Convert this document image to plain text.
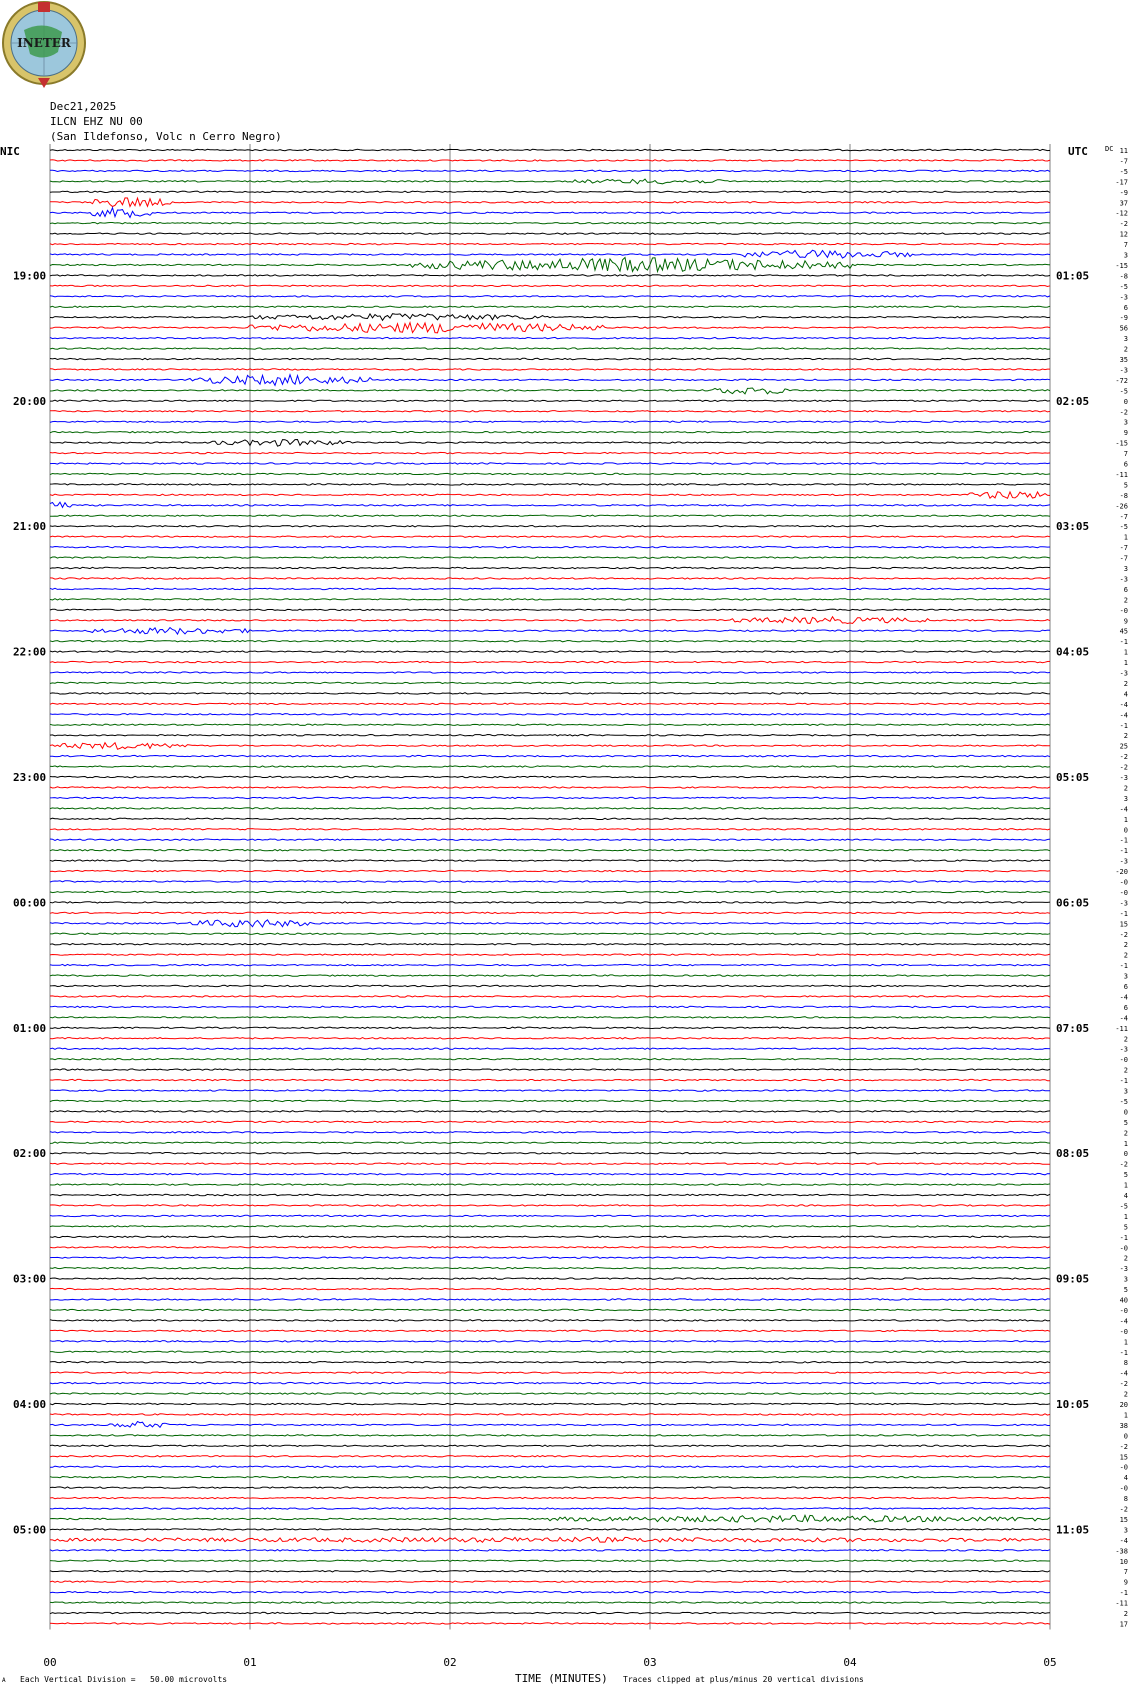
INETER
Dec21,2025
ILCN EHZ NU 00
(San Ildefonso, Volc n Cerro Negro)
NIC	UTC DC
00	01	02	03	04	05
11
-7
-5
-17
-9
37
-12
-2
12
7
3
-15
-8
-5
-3
6
-9
56
3
2
35
-3
-72
-5
0
-2
3
9
-15
7
6
-11
5
-8
-26
-7
-5
1
-7
-7
3
-3
6
2
-0
9
45
-1
1
1
-3
2
4
-4
-4
-1
2
25
-2
-2
-3
2
3
-4
1
0
-1
-1
-3
-20
-0
-0
-3
-1
15
-2
2
2
-1
3
6
-4
6
-4
-11
2
-3
-0
2
-1
3
-5
0
5
2
1
0
-2
5
1
4
-5
1
5
-1
-0
2
-3
3
5
40
-0
-4
-0
1
-1
8
-4
-2
2
20
1
38
0
-2
15
-0
4
-0
8
-2
15
3
-4
-38
10
7
9
-1
-11
2
17
19:00	01:05
20:00	02:05
21:00	03:05
22:00	04:05
23:00	05:05
00:00	06:05
01:00	07:05
02:00	08:05
03:00	09:05
04:00	10:05
05:00	11:05
A Each Vertical Division =   50.00 microvolts	TIME (MINUTES) Traces clipped at plus/minus 20 vertical divisions
